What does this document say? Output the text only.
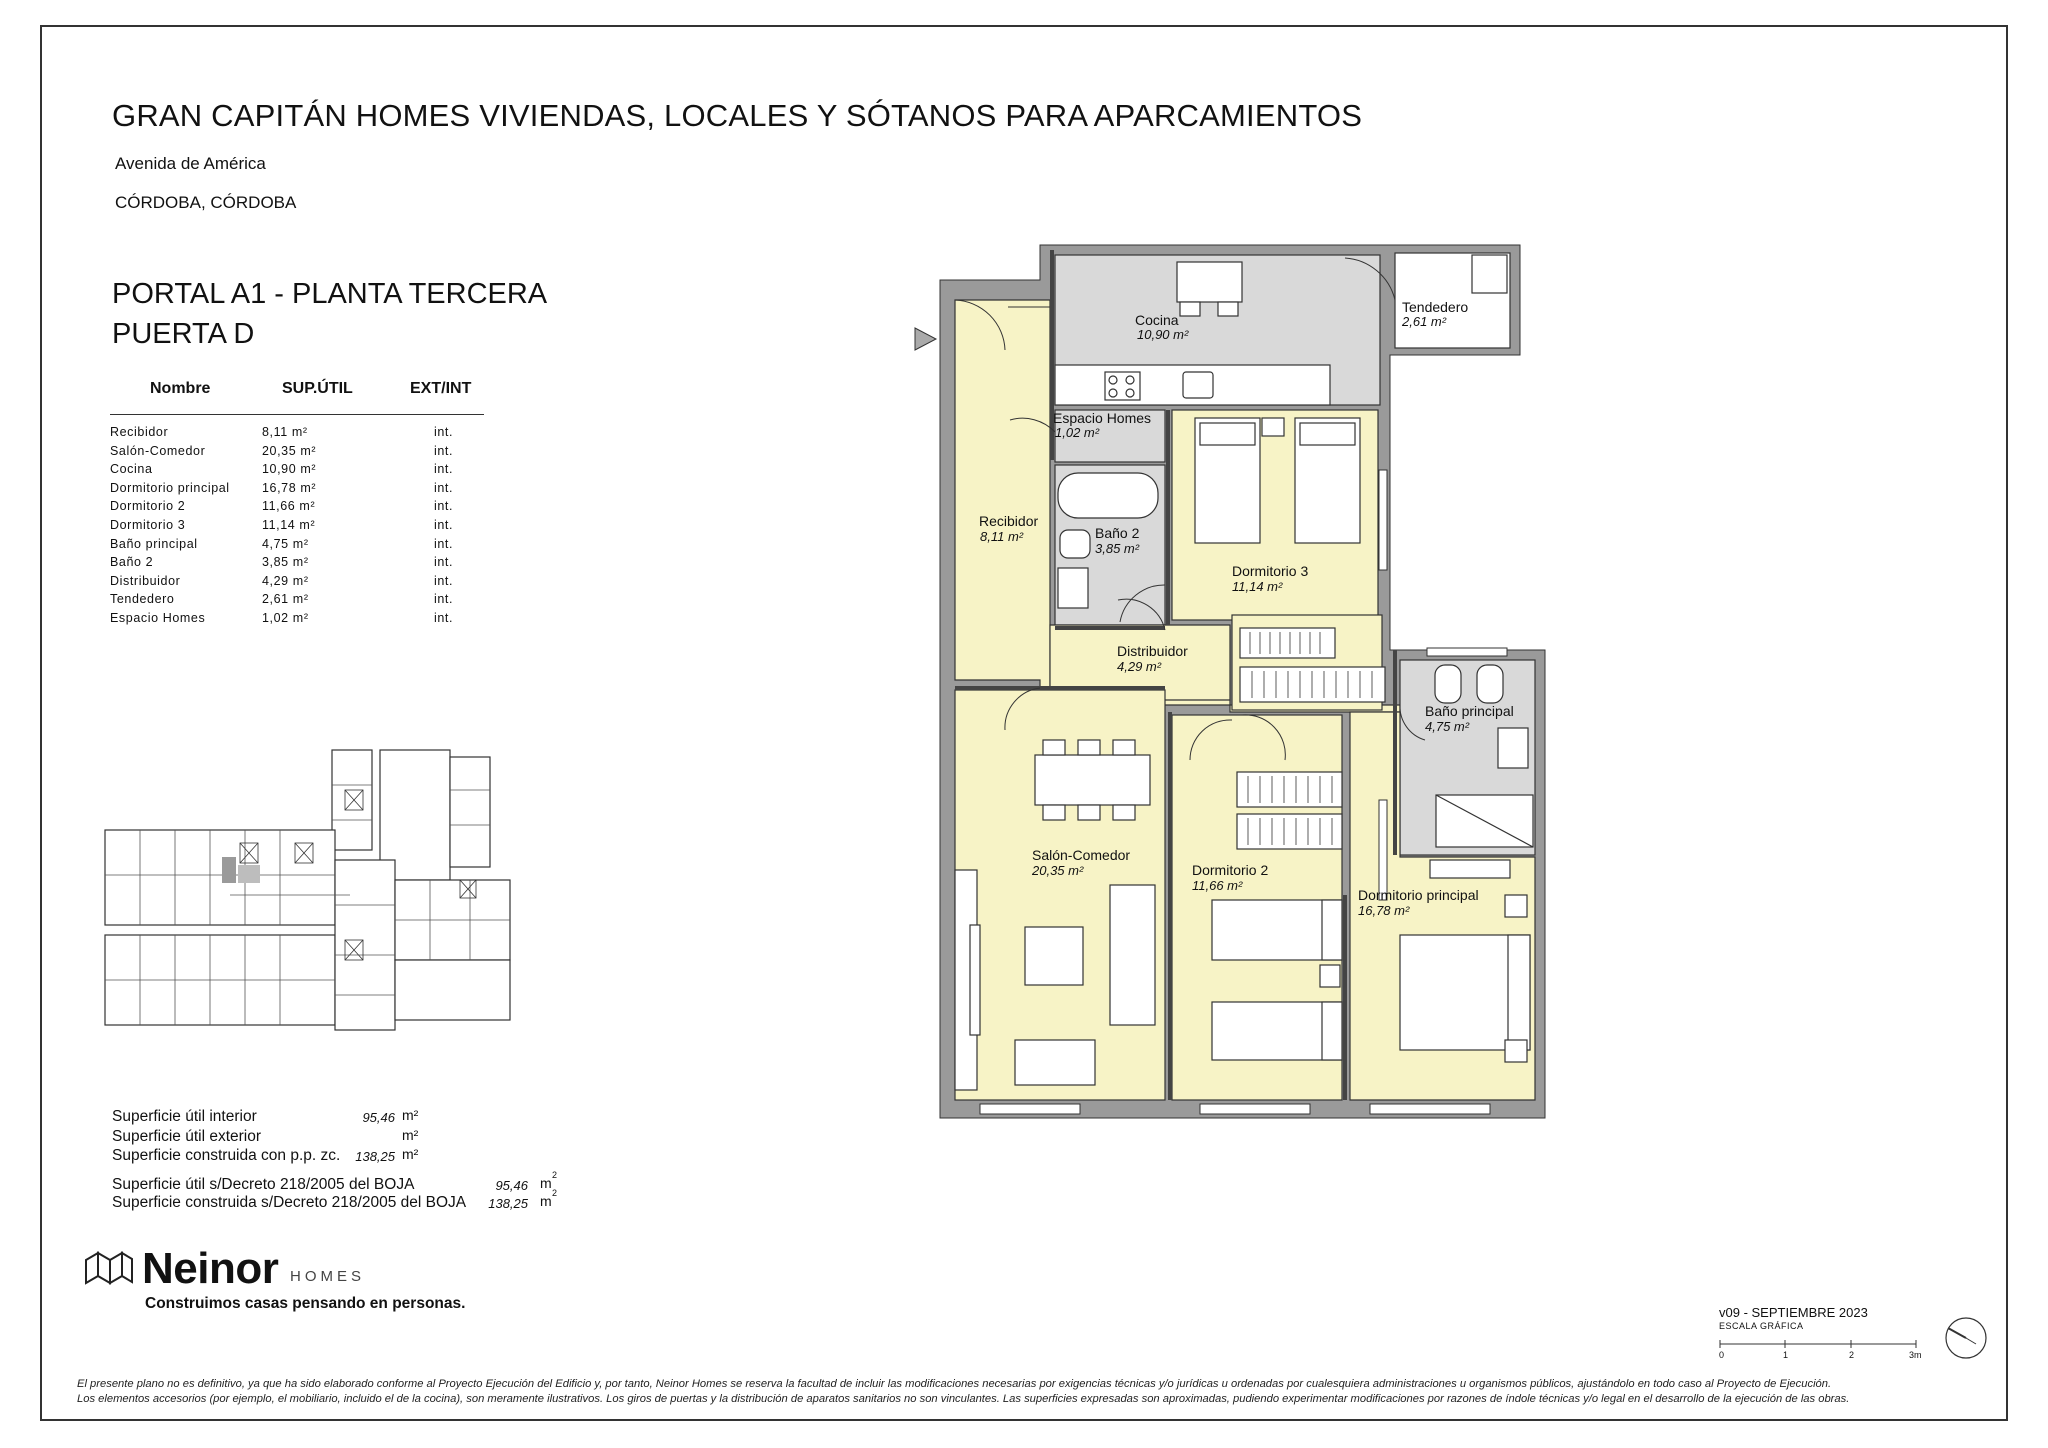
GRAN CAPITÁN HOMES VIVIENDAS, LOCALES Y SÓTANOS PARA APARCAMIENTOS
Avenida de América
CÓRDOBA, CÓRDOBA
PORTAL A1 - PLANTA TERCERA
PUERTA D
Nombre	SUP.ÚTIL	EXT/INT
Recibidor	8,11 m²	int.
Salón-Comedor	20,35 m²	int.
Cocina	10,90 m²	int.
Dormitorio principal	16,78 m²	int.
Dormitorio 2	11,66 m²	int.
Dormitorio 3	11,14 m²	int.
Baño principal	4,75 m²	int.
Baño 2	3,85 m²	int.
Distribuidor	4,29 m²	int.
Tendedero	2,61 m²	int.
Espacio Homes	1,02 m²	int.
Superficie útil interior	95,46 m²
Superficie útil exterior	m²
Superficie construida con p.p. zc.	138,25 m²
Superficie útil s/Decreto 218/2005 del BOJA	95,46 m 2
Superficie construida s/Decreto 218/2005 del BOJA	138,25 m 2
Neinor HOMES
Construimos casas pensando en personas.
v09 - SEPTIEMBRE 2023
ESCALA GRÁFICA
0	1	2	3m
El presente plano no es definitivo, ya que ha sido elaborado conforme al Proyecto Ejecución del Edificio y, por tanto, Neinor Homes se reserva la facultad de incluir las modificaciones necesarias por exigencias técnicas y/o jurídicas u ordenadas por cualesquiera administraciones u organismos públicos, ajustándolo en todo caso al Proyecto de Ejecución.
Los elementos accesorios (por ejemplo, el mobiliario, incluido el de la cocina), son meramente ilustrativos. Los giros de puertas y la distribución de aparatos sanitarios no son vinculantes. Las superficies expresadas son aproximadas, pudiendo experimentar modificaciones por razones de índole técnicas y/o legal en el desarrollo de la ejecución de las obras.
Cocina
10,90 m²
Tendedero
2,61 m²
Espacio Homes
1,02 m²
Recibidor
8,11 m²	Baño 2
3,85 m²
Dormitorio 3
11,14 m²
Distribuidor
4,29 m²
Baño principal
4,75 m²
Salón-Comedor
20,35 m²	Dormitorio 2
11,66 m²
Dormitorio principal
16,78 m²
